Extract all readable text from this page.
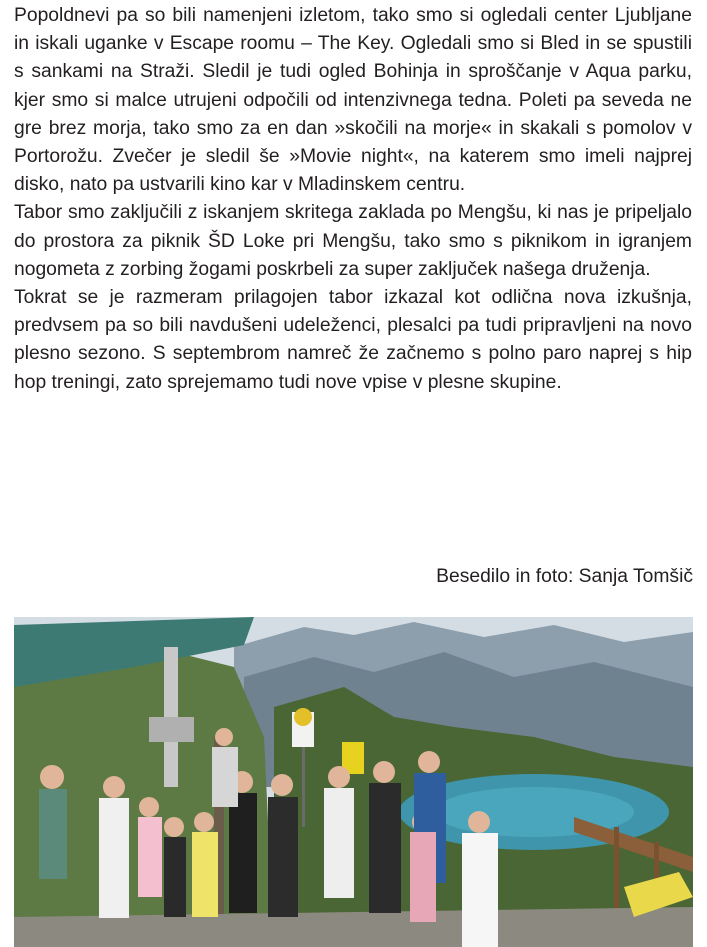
Popoldnevi pa so bili namenjeni izletom, tako smo si ogledali center Ljubljane in iskali uganke v Escape roomu – The Key. Ogledali smo si Bled in se spustili s sankami na Straži. Sledil je tudi ogled Bohinja in sproščanje v Aqua parku, kjer smo si malce utrujeni odpočili od intenzivnega tedna. Poleti pa seveda ne gre brez morja, tako smo za en dan »skočili na morje« in skakali s pomolov v Portorožu. Zvečer je sledil še »Movie night«, na katerem smo imeli najprej disko, nato pa ustvarili kino kar v Mladinskem centru.

Tabor smo zaključili z iskanjem skritega zaklada po Mengšu, ki nas je pripeljalo do prostora za piknik ŠD Loke pri Mengšu, tako smo s piknikom in igranjem nogometa z zorbing žogami poskrbeli za super zaključek našega druženja.

Tokrat se je razmeram prilagojen tabor izkazal kot odlična nova izkušnja, predvsem pa so bili navdušeni udeleženci, plesalci pa tudi pripravljeni na novo plesno sezono. S septembrom namreč že začnemo s polno paro naprej s hip hop treningi, zato sprejemamo tudi nove vpise v plesne skupine.

Besedilo in foto: Sanja Tomšič
